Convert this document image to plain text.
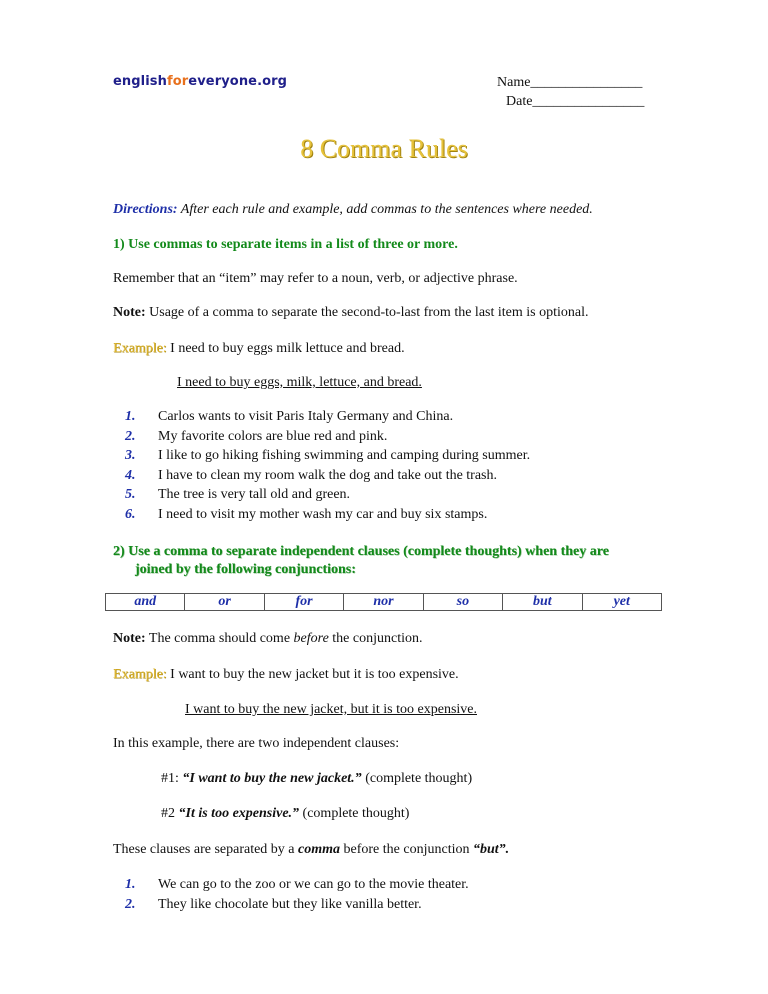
englishforeveryone.org	Name________________
Date________________
8 Comma Rules
Directions: After each rule and example, add commas to the sentences where needed.
1) Use commas to separate items in a list of three or more.
Remember that an “item” may refer to a noun, verb, or adjective phrase.
Note: Usage of a comma to separate the second-to-last from the last item is optional.
Example: I need to buy eggs milk lettuce and bread.
I need to buy eggs, milk, lettuce, and bread.
1.	Carlos wants to visit Paris Italy Germany and China.
2.	My favorite colors are blue red and pink.
3.	I like to go hiking fishing swimming and camping during summer.
4.	I have to clean my room walk the dog and take out the trash.
5.	The tree is very tall old and green.
6.	I need to visit my mother wash my car and buy six stamps.
2) Use a comma to separate independent clauses (complete thoughts) when they are
joined by the following conjunctions:
and	or	for	nor	so	but	yet
Note: The comma should come before the conjunction.
Example: I want to buy the new jacket but it is too expensive.
I want to buy the new jacket, but it is too expensive.
In this example, there are two independent clauses:
#1: “I want to buy the new jacket.” (complete thought)
#2 “It is too expensive.” (complete thought)
These clauses are separated by a comma before the conjunction “but”.
1.	We can go to the zoo or we can go to the movie theater.
2.	They like chocolate but they like vanilla better.
